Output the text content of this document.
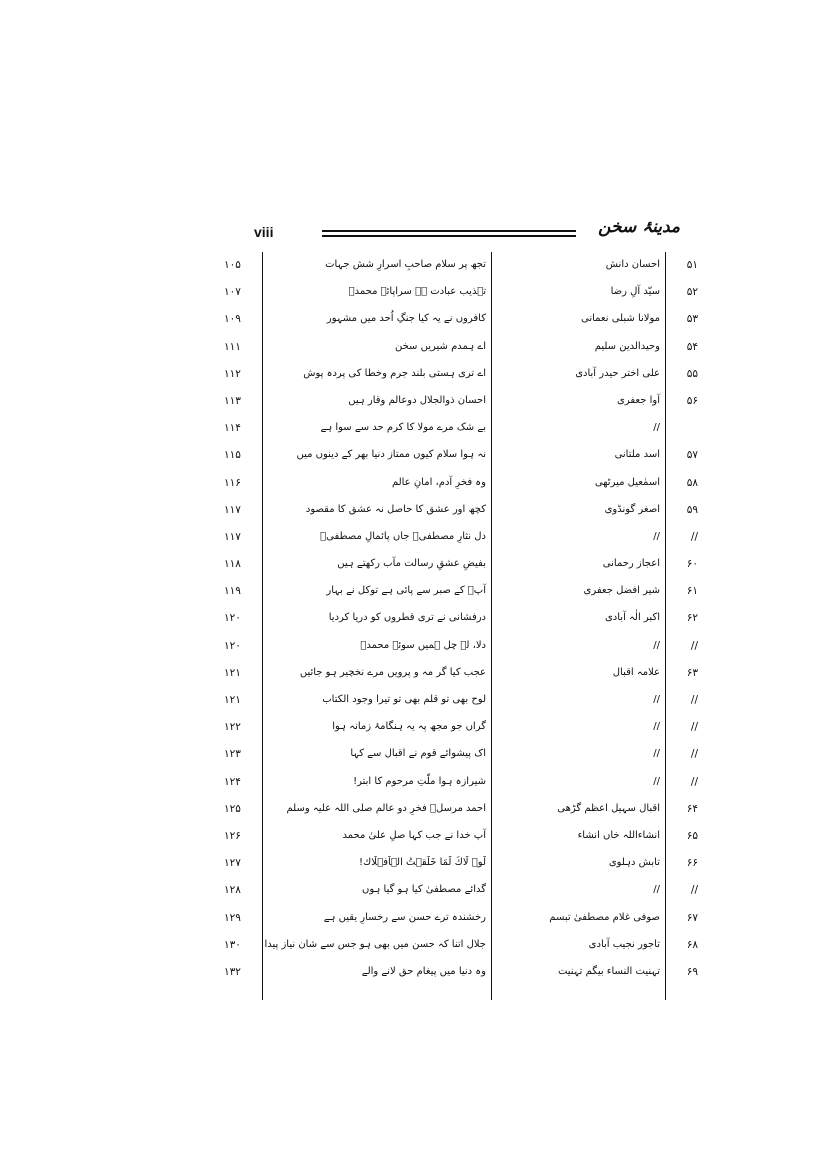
viii	مدینۂ سخن
۵۱
احسان دانش
تجھ پر سلام صاحبِ اسرارِ شش جہات
۱۰۵
۵۲
سیّد آلِ رضا
تہذیب عبادت ہے سراپائے محمدؐ
۱۰۷
۵۳
مولانا شبلی نعمانی
کافروں نے یہ کیا جنگِ اُحد میں مشہور
۱۰۹
۵۴
وحیدالدین سلیم
اے ہمدم شیریں سخن
۱۱۱
۵۵
علی اختر حیدر آبادی
اے تری ہستی بلند جرم وخطا کی پردہ پوش
۱۱۲
۵۶
آوا جعفری
احسان ذوالجلال دوعالم وقار ہیں
۱۱۳
//
بے شک مرے مولا کا کرم حد سے سوا ہے
۱۱۴
۵۷
اسد ملتانی
نہ ہوا سلام کیوں ممتاز دنیا بھر کے دینوں میں
۱۱۵
۵۸
اسمٰعیل میرٹھی
وہ فخرِ آدم، امانِ عالم
۱۱۶
۵۹
اصغر گونڈوی
کچھ اور عشق کا حاصل نہ عشق کا مقصود
۱۱۷
//
//
دل نثارِ مصطفیؐ جاں پائمالِ مصطفیؐ
۱۱۷
۶۰
اعجاز رحمانی
بفیضِ عشقِ رسالت مآب رکھتے ہیں
۱۱۸
۶۱
شیر افضل جعفری
آپؐ کے صبر سے پائی ہے توکل نے بہار
۱۱۹
۶۲
اکبر الٰہ آبادی
درفشانی نے تری قطروں کو دریا کردیا
۱۲۰
//
//
دلا، لے چل ہمیں سوئے محمدؐ
۱۲۰
۶۳
علامہ اقبال
عجب کیا گر مہ و پرویں مرے نخچیر ہو جائیں
۱۲۱
//
//
لوح بھی تو قلم بھی تو تیرا وجود الکتاب
۱۲۱
//
//
گراں جو مجھ پہ یہ ہنگامۂ زمانہ ہوا
۱۲۲
//
//
اک پیشوائے قوم نے اقبال سے کہا
۱۲۳
//
//
شیرازہ ہوا ملّتِ مرحوم کا ابتر!
۱۲۴
۶۴
اقبال سہیل اعظم گڑھی
احمد مرسلؐ فخرِ دو عالم صلی اللہ علیہ وسلم
۱۲۵
۶۵
انشاءاللہ خاں انشاء
آپ خدا نے جب کہا صلِ علیٰ محمد
۱۲۶
۶۶
تابش دہلوی
لَوۡ لَاكَ لَمَا خَلَقۡتُ الۡاَفۡلَاك!
۱۲۷
//
//
گدائے مصطفیٰ کیا ہو گیا ہوں
۱۲۸
۶۷
صوفی غلام مصطفیٰ تبسم
رخشندہ ترے حسن سے رخسارِ یقیں ہے
۱۲۹
۶۸
تاجور نجیب آبادی
جلال اتنا کہ حسن میں بھی ہو جس سے شان نیاز پیدا
۱۳۰
۶۹
تہنیت النساء بیگم تہنیت
وہ دنیا میں پیغام حق لانے والے
۱۳۲
